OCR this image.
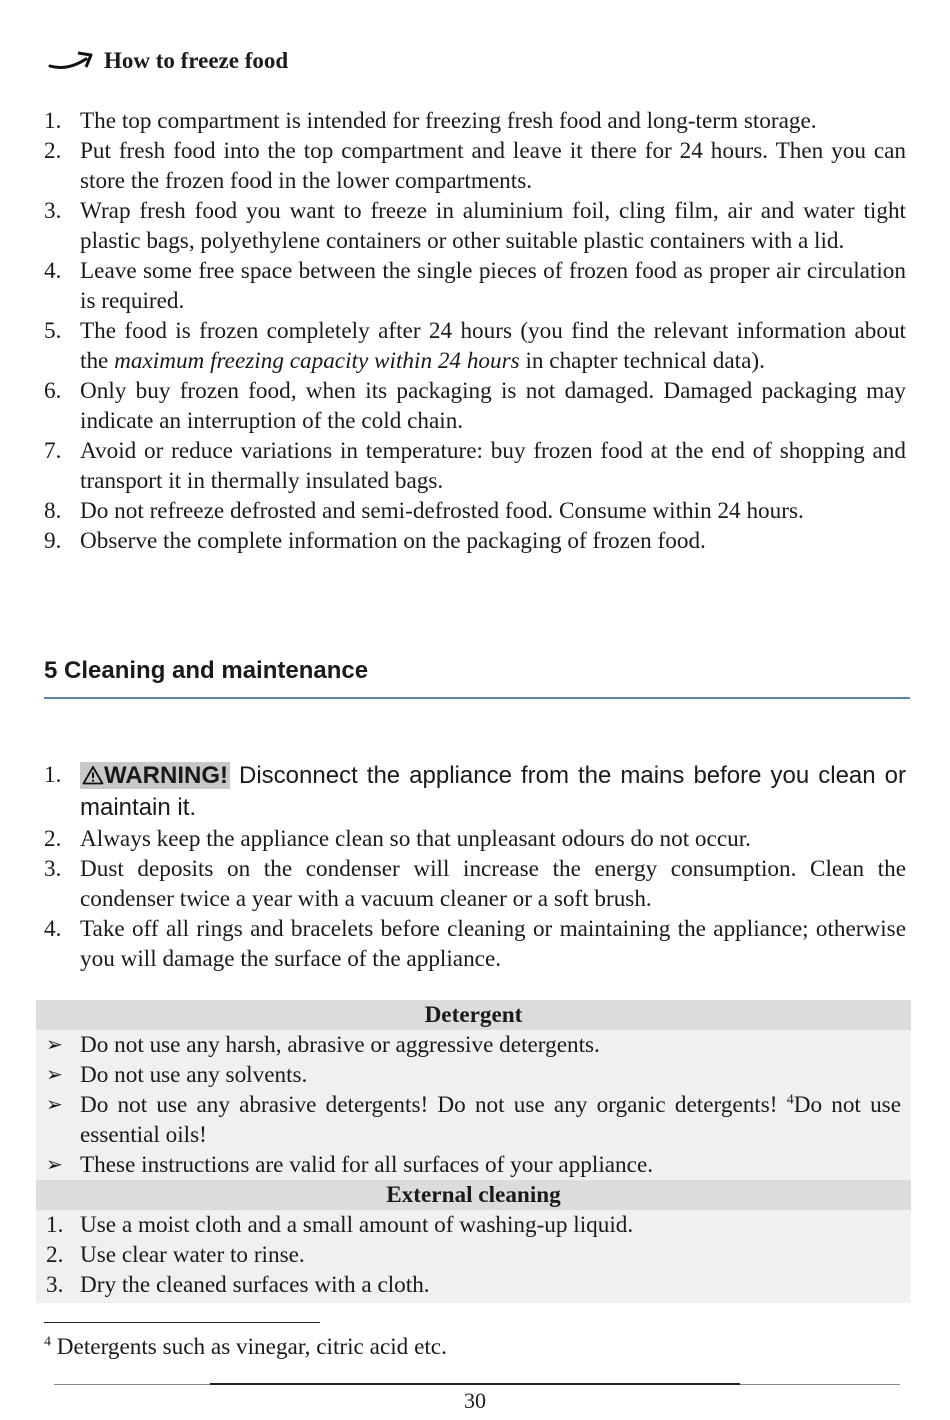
How to freeze food
1. The top compartment is intended for freezing fresh food and long-term storage.
2. Put fresh food into the top compartment and leave it there for 24 hours. Then you can store the frozen food in the lower compartments.
3. Wrap fresh food you want to freeze in aluminium foil, cling film, air and water tight plastic bags, polyethylene containers or other suitable plastic containers with a lid.
4. Leave some free space between the single pieces of frozen food as proper air circulation is required.
5. The food is frozen completely after 24 hours (you find the relevant information about the maximum freezing capacity within 24 hours in chapter technical data).
6. Only buy frozen food, when its packaging is not damaged. Damaged packaging may indicate an interruption of the cold chain.
7. Avoid or reduce variations in temperature: buy frozen food at the end of shopping and transport it in thermally insulated bags.
8. Do not refreeze defrosted and semi-defrosted food. Consume within 24 hours.
9. Observe the complete information on the packaging of frozen food.
5 Cleaning and maintenance
1.	WARNING! Disconnect the appliance from the mains before you clean or maintain it.
2. Always keep the appliance clean so that unpleasant odours do not occur.
3. Dust deposits on the condenser will increase the energy consumption. Clean the condenser twice a year with a vacuum cleaner or a soft brush.
4. Take off all rings and bracelets before cleaning or maintaining the appliance; otherwise you will damage the surface of the appliance.
Detergent
➢ Do not use any harsh, abrasive or aggressive detergents.
➢ Do not use any solvents.
➢ Do not use any abrasive detergents! Do not use any organic detergents! $^4$Do not use essential oils!
➢ These instructions are valid for all surfaces of your appliance.
External cleaning
1. Use a moist cloth and a small amount of washing-up liquid.
2. Use clear water to rinse.
3. Dry the cleaned surfaces with a cloth.
$^4$ Detergents such as vinegar, citric acid etc.
30
